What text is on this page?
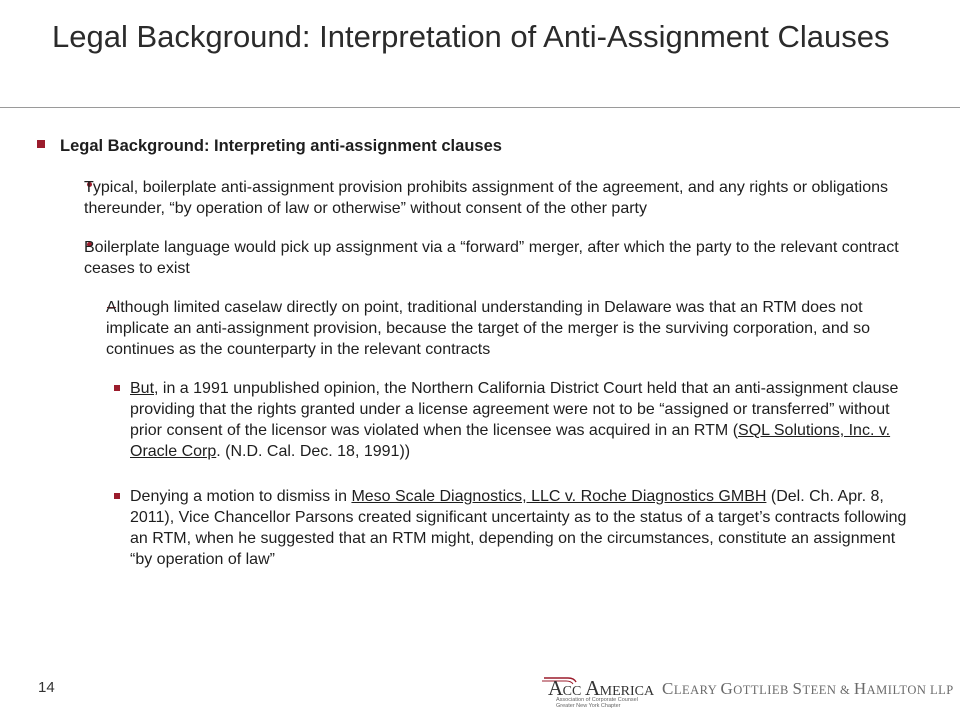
Legal Background: Interpretation of Anti-Assignment Clauses
Legal Background: Interpreting anti-assignment clauses
Typical, boilerplate anti-assignment provision prohibits assignment of the agreement, and any rights or obligations thereunder, “by operation of law or otherwise” without consent of the other party
Boilerplate language would pick up assignment via a “forward” merger, after which the party to the relevant contract ceases to exist
Although limited caselaw directly on point, traditional understanding in Delaware was that an RTM does not implicate an anti-assignment provision, because the target of the merger is the surviving corporation, and so continues as the counterparty in the relevant contracts
But, in a 1991 unpublished opinion, the Northern California District Court held that an anti-assignment clause providing that the rights granted under a license agreement were not to be “assigned or transferred” without prior consent of the licensor was violated when the licensee was acquired in an RTM (SQL Solutions, Inc. v. Oracle Corp. (N.D. Cal. Dec. 18, 1991))
Denying a motion to dismiss in Meso Scale Diagnostics, LLC v. Roche Diagnostics GMBH (Del. Ch. Apr. 8, 2011), Vice Chancellor Parsons created significant uncertainty as to the status of a target’s contracts following an RTM, when he suggested that an RTM might, depending on the circumstances, constitute an assignment “by operation of law”
14	ACC AMERICA
Association of Corporate Counsel Greater New York Chapter
CLEARY GOTTLIEB STEEN & HAMILTON LLP
